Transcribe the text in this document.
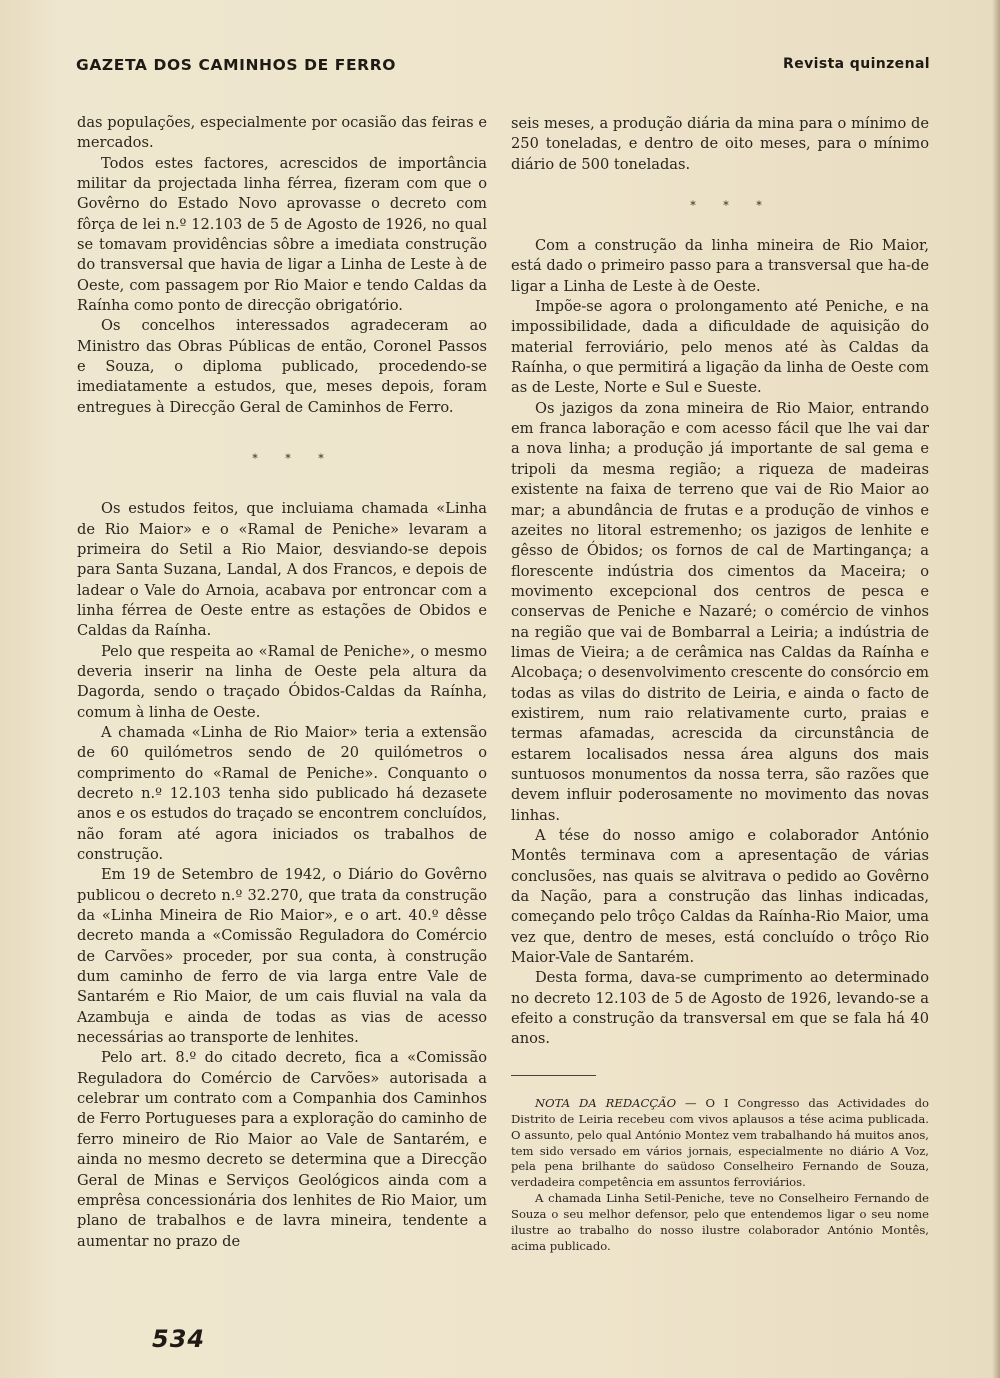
GAZETA DOS CAMINHOS DE FERRO	Revista quinzenal

das populações, especialmente por ocasião das feiras e mercados.

Todos estes factores, acrescidos de importância militar da projectada linha férrea, fizeram com que o Govêrno do Estado Novo aprovasse o decreto com fôrça de lei n.º 12.103 de 5 de Agosto de 1926, no qual se tomavam providências sôbre a imediata construção do transversal que havia de ligar a Linha de Leste à de Oeste, com passagem por Rio Maior e tendo Caldas da Raínha como ponto de direcção obrigatório.

Os concelhos interessados agradeceram ao Ministro das Obras Públicas de então, Coronel Passos e Souza, o diploma publicado, procedendo-se imediatamente a estudos, que, meses depois, foram entregues à Direcção Geral de Caminhos de Ferro.

* * *

Os estudos feitos, que incluiama chamada «Linha de Rio Maior» e o «Ramal de Peniche» levaram a primeira do Setil a Rio Maior, desviando-se depois para Santa Suzana, Landal, A dos Francos, e depois de ladear o Vale do Arnoia, acabava por entroncar com a linha férrea de Oeste entre as estações de Obidos e Caldas da Raínha.

Pelo que respeita ao «Ramal de Peniche», o mesmo deveria inserir na linha de Oeste pela altura da Dagorda, sendo o traçado Óbidos-Caldas da Raínha, comum à linha de Oeste.

A chamada «Linha de Rio Maior» teria a extensão de 60 quilómetros sendo de 20 quilómetros o comprimento do «Ramal de Peniche». Conquanto o decreto n.º 12.103 tenha sido publicado há dezasete anos e os estudos do traçado se encontrem concluídos, não foram até agora iniciados os trabalhos de construção.

Em 19 de Setembro de 1942, o Diário do Govêrno publicou o decreto n.º 32.270, que trata da construção da «Linha Mineira de Rio Maior», e o art. 40.º dêsse decreto manda a «Comissão Reguladora do Comércio de Carvões» proceder, por sua conta, à construção dum caminho de ferro de via larga entre Vale de Santarém e Rio Maior, de um cais fluvial na vala da Azambuja e ainda de todas as vias de acesso necessárias ao transporte de lenhites.

Pelo art. 8.º do citado decreto, fica a «Comissão Reguladora do Comércio de Carvões» autorisada a celebrar um contrato com a Companhia dos Caminhos de Ferro Portugueses para a exploração do caminho de ferro mineiro de Rio Maior ao Vale de Santarém, e ainda no mesmo decreto se determina que a Direcção Geral de Minas e Serviços Geológicos ainda com a emprêsa concessionária dos lenhites de Rio Maior, um plano de trabalhos e de lavra mineira, tendente a aumentar no prazo de

seis meses, a produção diária da mina para o mínimo de 250 toneladas, e dentro de oito meses, para o mínimo diário de 500 toneladas.

* * *

Com a construção da linha mineira de Rio Maior, está dado o primeiro passo para a transversal que ha-de ligar a Linha de Leste à de Oeste.

Impõe-se agora o prolongamento até Peniche, e na impossibilidade, dada a dificuldade de aquisição do material ferroviário, pelo menos até às Caldas da Raínha, o que permitirá a ligação da linha de Oeste com as de Leste, Norte e Sul e Sueste.

Os jazigos da zona mineira de Rio Maior, entrando em franca laboração e com acesso fácil que lhe vai dar a nova linha; a produção já importante de sal gema e tripoli da mesma região; a riqueza de madeiras existente na faixa de terreno que vai de Rio Maior ao mar; a abundância de frutas e a produção de vinhos e azeites no litoral estremenho; os jazigos de lenhite e gêsso de Óbidos; os fornos de cal de Martingança; a florescente indústria dos cimentos da Maceira; o movimento excepcional dos centros de pesca e conservas de Peniche e Nazaré; o comércio de vinhos na região que vai de Bombarral a Leiria; a indústria de limas de Vieira; a de cerâmica nas Caldas da Raínha e Alcobaça; o desenvolvimento crescente do consórcio em todas as vilas do distrito de Leiria, e ainda o facto de existirem, num raio relativamente curto, praias e termas afamadas, acrescida da circunstância de estarem localisados nessa área alguns dos mais suntuosos monumentos da nossa terra, são razões que devem influir poderosamente no movimento das novas linhas.

A tése do nosso amigo e colaborador António Montês terminava com a apresentação de várias conclusões, nas quais se alvitrava o pedido ao Govêrno da Nação, para a construção das linhas indicadas, começando pelo trôço Caldas da Raínha-Rio Maior, uma vez que, dentro de meses, está concluído o trôço Rio Maior-Vale de Santarém.

Desta forma, dava-se cumprimento ao determinado no decreto 12.103 de 5 de Agosto de 1926, levando-se a efeito a construção da transversal em que se fala há 40 anos.

NOTA DA REDACÇÃO — O I Congresso das Actividades do Distrito de Leiria recebeu com vivos aplausos a tése acima publicada. O assunto, pelo qual António Montez vem trabalhando há muitos anos, tem sido versado em vários jornais, especialmente no diário A Voz, pela pena brilhante do saüdoso Conselheiro Fernando de Souza, verdadeira competência em assuntos ferroviários.

A chamada Linha Setil-Peniche, teve no Conselheiro Fernando de Souza o seu melhor defensor, pelo que entendemos ligar o seu nome ilustre ao trabalho do nosso ilustre colaborador António Montês, acima publicado.

534
